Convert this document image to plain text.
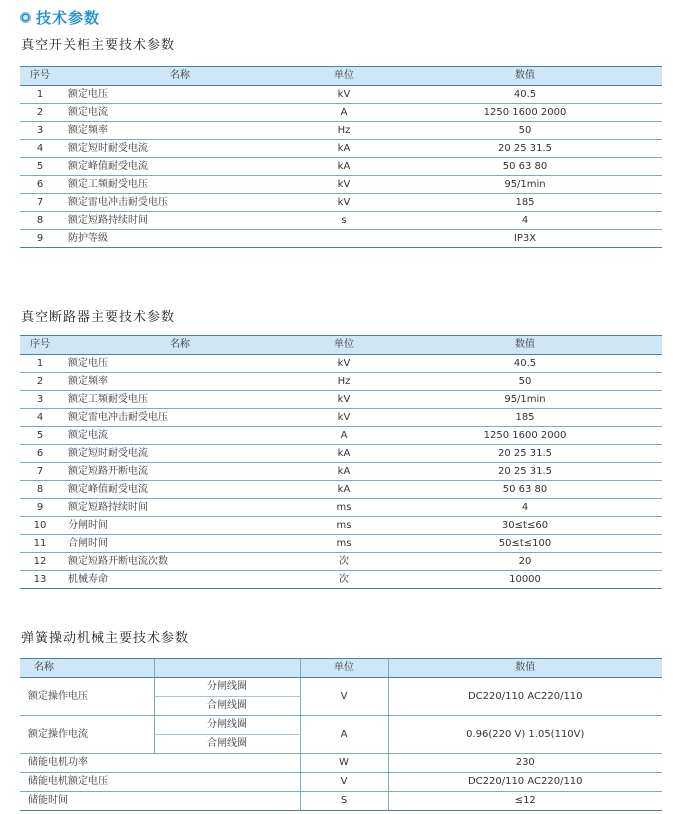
技术参数
真空开关柜主要技术参数
序号	名称	单位	数值
1	额定电压	kV	40.5
2	额定电流	A	1250 1600 2000
3	额定频率	Hz	50
4	额定短时耐受电流	kA	20 25 31.5
5	额定峰值耐受电流	kA	50 63 80
6	额定工频耐受电压	kV	95/1min
7	额定雷电冲击耐受电压	kV	185
8	额定短路持续时间	s	4
9	防护等级		IP3X
真空断路器主要技术参数
序号	名称	单位	数值
1	额定电压	kV	40.5
2	额定频率	Hz	50
3	额定工频耐受电压	kV	95/1min
4	额定雷电冲击耐受电压	kV	185
5	额定电流	A	1250 1600 2000
6	额定短时耐受电流	kA	20 25 31.5
7	额定短路开断电流	kA	20 25 31.5
8	额定峰值耐受电流	kA	50 63 80
9	额定短路持续时间	ms	4
10	分闸时间	ms	30≤t≤60
11	合闸时间	ms	50≤t≤100
12	额定短路开断电流次数	次	20
13	机械寿命	次	10000
弹簧操动机械主要技术参数
名称		单位	数值
额定操作电压	分闸线圈	V	DC220/110 AC220/110
	合闸线圈		
额定操作电流	分闸线圈	A	0.96(220 V) 1.05(110V)
	合闸线圈		
储能电机功率		W	230
储能电机额定电压		V	DC220/110 AC220/110
储能时间		S	≤12
